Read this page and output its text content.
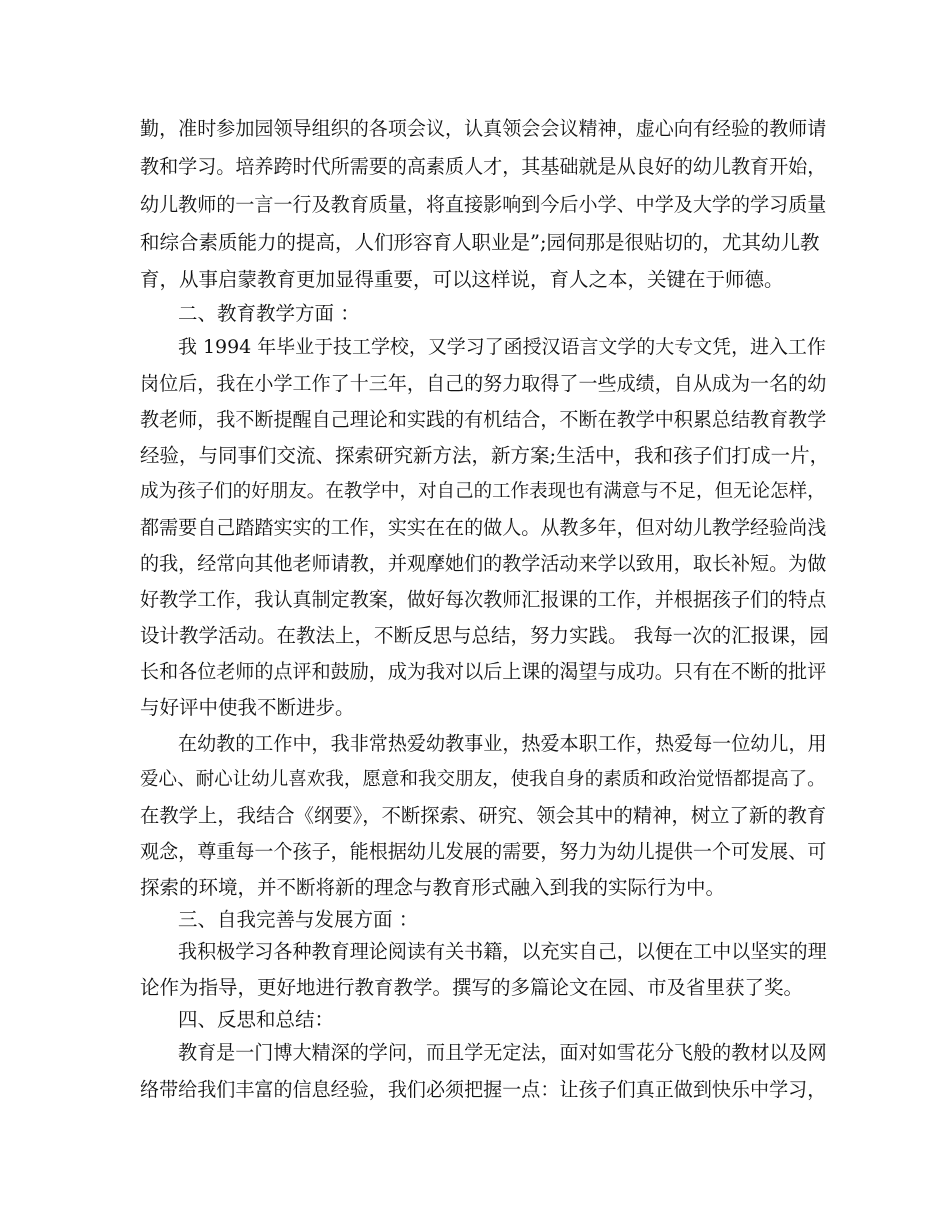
勤，准时参加园领导组织的各项会议，认真领会会议精神，虚心向有经验的教师请
教和学习。培养跨时代所需要的高素质人才，其基础就是从良好的幼儿教育开始，
幼儿教师的一言一行及教育质量，将直接影响到今后小学、中学及大学的学习质量
和综合素质能力的提高，人们形容育人职业是”;园伺那是很贴切的，尤其幼儿教
育，从事启蒙教育更加显得重要，可以这样说，育人之本，关键在于师德。
二、教育教学方面 ：
我 1994 年毕业于技工学校，又学习了函授汉语言文学的大专文凭，进入工作
岗位后，我在小学工作了十三年，自己的努力取得了一些成绩，自从成为一名的幼
教老师，我不断提醒自己理论和实践的有机结合，不断在教学中积累总结教育教学
经验，与同事们交流、探索研究新方法，新方案;生活中，我和孩子们打成一片，
成为孩子们的好朋友。在教学中，对自己的工作表现也有满意与不足，但无论怎样，
都需要自己踏踏实实的工作，实实在在的做人。从教多年，但对幼儿教学经验尚浅
的我，经常向其他老师请教，并观摩她们的教学活动来学以致用，取长补短。为做
好教学工作，我认真制定教案，做好每次教师汇报课的工作，并根据孩子们的特点
设计教学活动。在教法上，不断反思与总结，努力实践。 我每一次的汇报课，园
长和各位老师的点评和鼓励，成为我对以后上课的渴望与成功。只有在不断的批评
与好评中使我不断进步。
在幼教的工作中，我非常热爱幼教事业，热爱本职工作，热爱每一位幼儿，用
爱心、耐心让幼儿喜欢我，愿意和我交朋友，使我自身的素质和政治觉悟都提高了。
在教学上，我结合《纲要》，不断探索、研究、领会其中的精神，树立了新的教育
观念，尊重每一个孩子，能根据幼儿发展的需要，努力为幼儿提供一个可发展、可
探索的环境，并不断将新的理念与教育形式融入到我的实际行为中。
三、自我完善与发展方面 ：
我积极学习各种教育理论阅读有关书籍，以充实自己，以便在工中以坚实的理
论作为指导，更好地进行教育教学。撰写的多篇论文在园、市及省里获了奖。
四、反思和总结：
教育是一门博大精深的学问，而且学无定法，面对如雪花分飞般的教材以及网
络带给我们丰富的信息经验，我们必须把握一点：让孩子们真正做到快乐中学习，
